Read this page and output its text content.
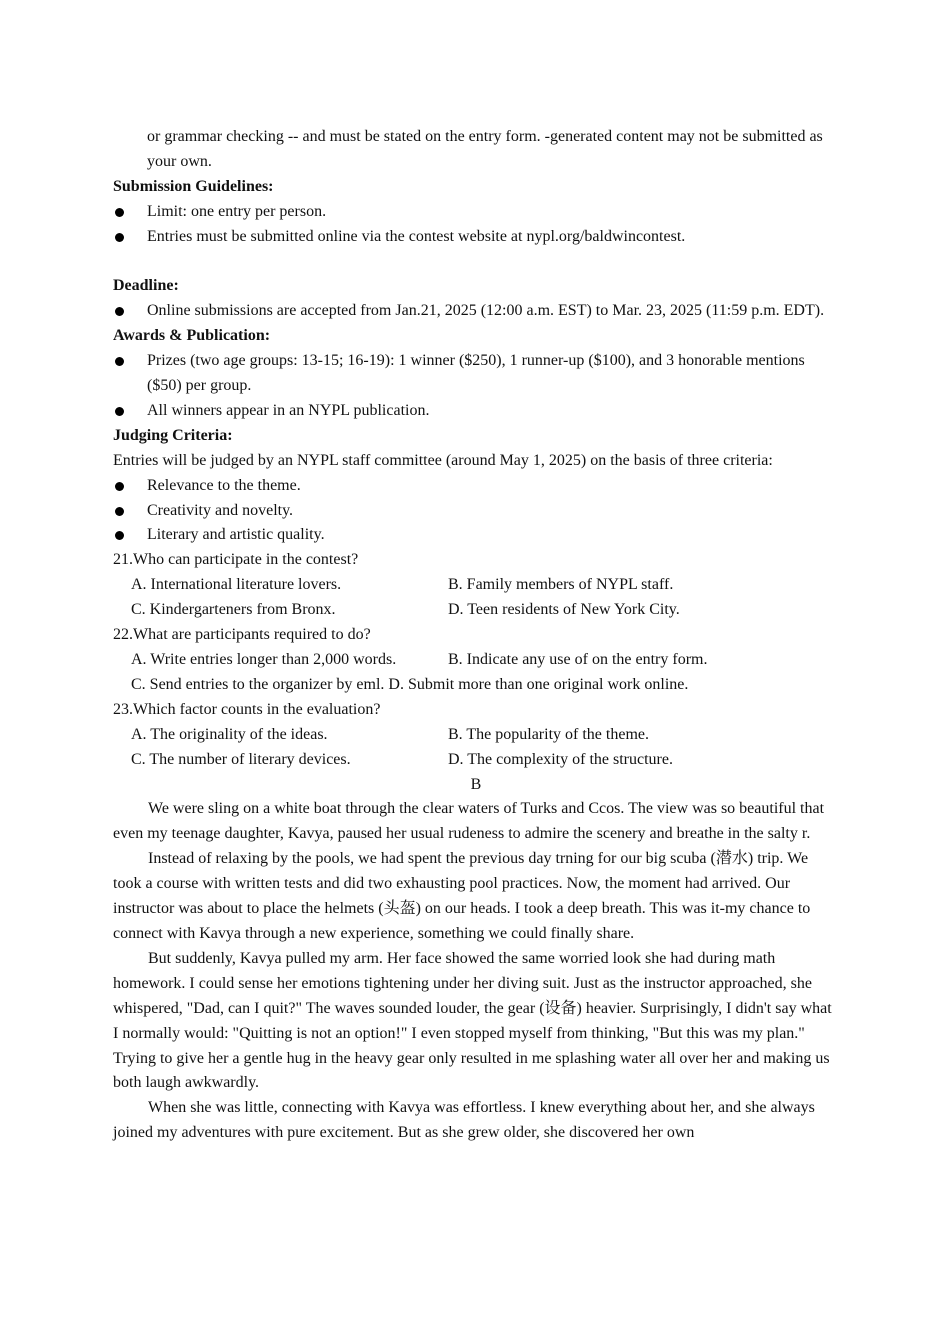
or grammar checking -- and must be stated on the entry form. -generated content may not be submitted as your own.
Submission Guidelines:
Limit: one entry per person.
Entries must be submitted online via the contest website at nypl.org/baldwincontest.
Deadline:
Online submissions are accepted from Jan.21, 2025 (12:00 a.m. EST) to Mar. 23, 2025 (11:59 p.m. EDT).
Awards & Publication:
Prizes (two age groups: 13-15; 16-19): 1 winner ($250), 1 runner-up ($100), and 3 honorable mentions ($50) per group.
All winners appear in an NYPL publication.
Judging Criteria:
Entries will be judged by an NYPL staff committee (around May 1, 2025) on the basis of three criteria:
Relevance to the theme.
Creativity and novelty.
Literary and artistic quality.
21.Who can participate in the contest?
A. International literature lovers.	B. Family members of NYPL staff.
C. Kindergarteners from Bronx.	D. Teen residents of New York City.
22.What are participants required to do?
A. Write entries longer than 2,000 words.	B. Indicate any use of on the entry form.
C. Send entries to the organizer by eml. D. Submit more than one original work online.
23.Which factor counts in the evaluation?
A. The originality of the ideas.	B. The popularity of the theme.
C. The number of literary devices.	D. The complexity of the structure.
B
We were sling on a white boat through the clear waters of Turks and Ccos. The view was so beautiful that even my teenage daughter, Kavya, paused her usual rudeness to admire the scenery and breathe in the salty r.
Instead of relaxing by the pools, we had spent the previous day trning for our big scuba (潜水) trip. We took a course with written tests and did two exhausting pool practices. Now, the moment had arrived. Our instructor was about to place the helmets (头盔) on our heads. I took a deep breath. This was it-my chance to connect with Kavya through a new experience, something we could finally share.
But suddenly, Kavya pulled my arm. Her face showed the same worried look she had during math homework. I could sense her emotions tightening under her diving suit. Just as the instructor approached, she whispered, "Dad, can I quit?" The waves sounded louder, the gear (设备) heavier. Surprisingly, I didn't say what I normally would: "Quitting is not an option!" I even stopped myself from thinking, "But this was my plan." Trying to give her a gentle hug in the heavy gear only resulted in me splashing water all over her and making us both laugh awkwardly.
When she was little, connecting with Kavya was effortless. I knew everything about her, and she always joined my adventures with pure excitement. But as she grew older, she discovered her own
